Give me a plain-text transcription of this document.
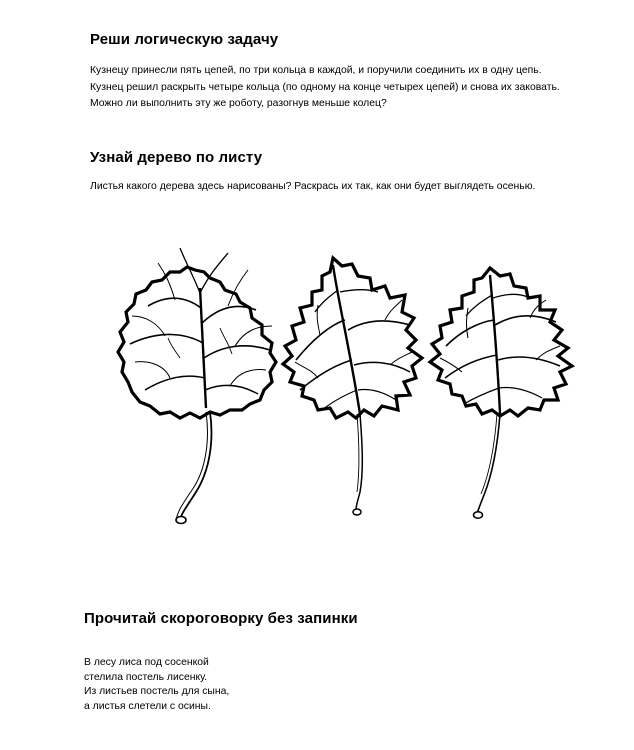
Реши логическую задачу
Кузнецу принесли пять цепей, по три кольца в каждой, и поручили соединить их в одну цепь.
Кузнец решил раскрыть четыре кольца (по одному на конце четырех цепей) и снова их заковать.
Можно ли выполнить эту же роботу, разогнув меньше колец?
Узнай дерево по листу
Листья какого дерева здесь нарисованы? Раскрась их так, как они будет выглядеть осенью.
Прочитай скороговорку без запинки
В лесу лиса под сосенкой
стелила постель лисенку.
Из листьев постель для сына,
а листья слетели с осины.
